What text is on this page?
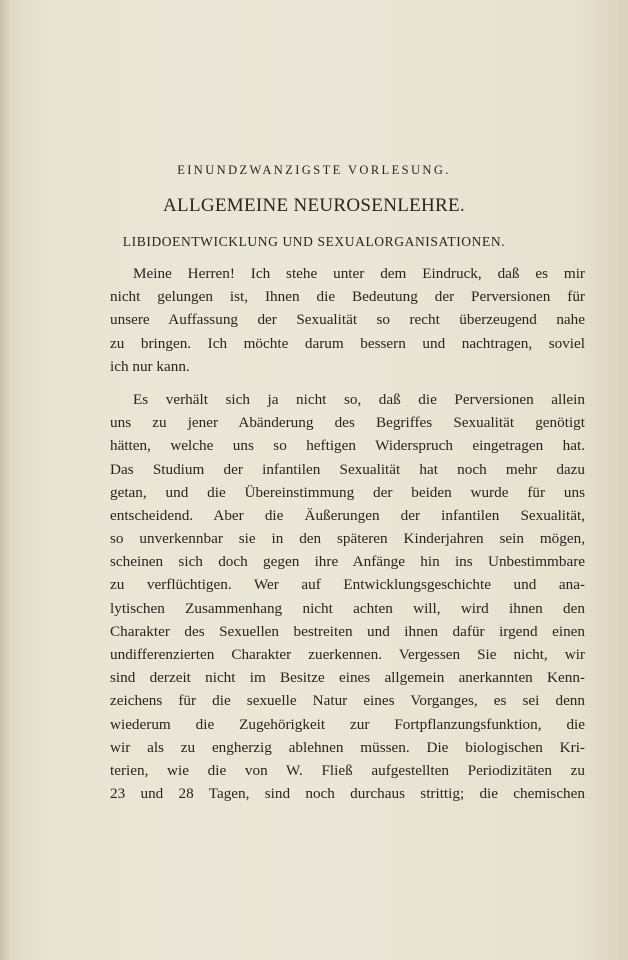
EINUNDZWANZIGSTE VORLESUNG.
ALLGEMEINE NEUROSENLEHRE.
LIBIDOENTWICKLUNG UND SEXUALORGANISATIONEN.
Meine Herren! Ich stehe unter dem Eindruck, daß es mir
nicht gelungen ist, Ihnen die Bedeutung der Perversionen für
unsere Auffassung der Sexualität so recht überzeugend nahe
zu bringen. Ich möchte darum bessern und nachtragen, soviel
ich nur kann.
Es verhält sich ja nicht so, daß die Perversionen allein
uns zu jener Abänderung des Begriffes Sexualität genötigt
hätten, welche uns so heftigen Widerspruch eingetragen hat.
Das Studium der infantilen Sexualität hat noch mehr dazu
getan, und die Übereinstimmung der beiden wurde für uns
entscheidend. Aber die Äußerungen der infantilen Sexualität,
so unverkennbar sie in den späteren Kinderjahren sein mögen,
scheinen sich doch gegen ihre Anfänge hin ins Unbestimmbare
zu verflüchtigen. Wer auf Entwicklungsgeschichte und ana-
lytischen Zusammenhang nicht achten will, wird ihnen den
Charakter des Sexuellen bestreiten und ihnen dafür irgend einen
undifferenzierten Charakter zuerkennen. Vergessen Sie nicht, wir
sind derzeit nicht im Besitze eines allgemein anerkannten Kenn-
zeichens für die sexuelle Natur eines Vorganges, es sei denn
wiederum die Zugehörigkeit zur Fortpflanzungsfunktion, die
wir als zu engherzig ablehnen müssen. Die biologischen Kri-
terien, wie die von W. Fließ aufgestellten Periodizitäten zu
23 und 28 Tagen, sind noch durchaus strittig; die chemischen
